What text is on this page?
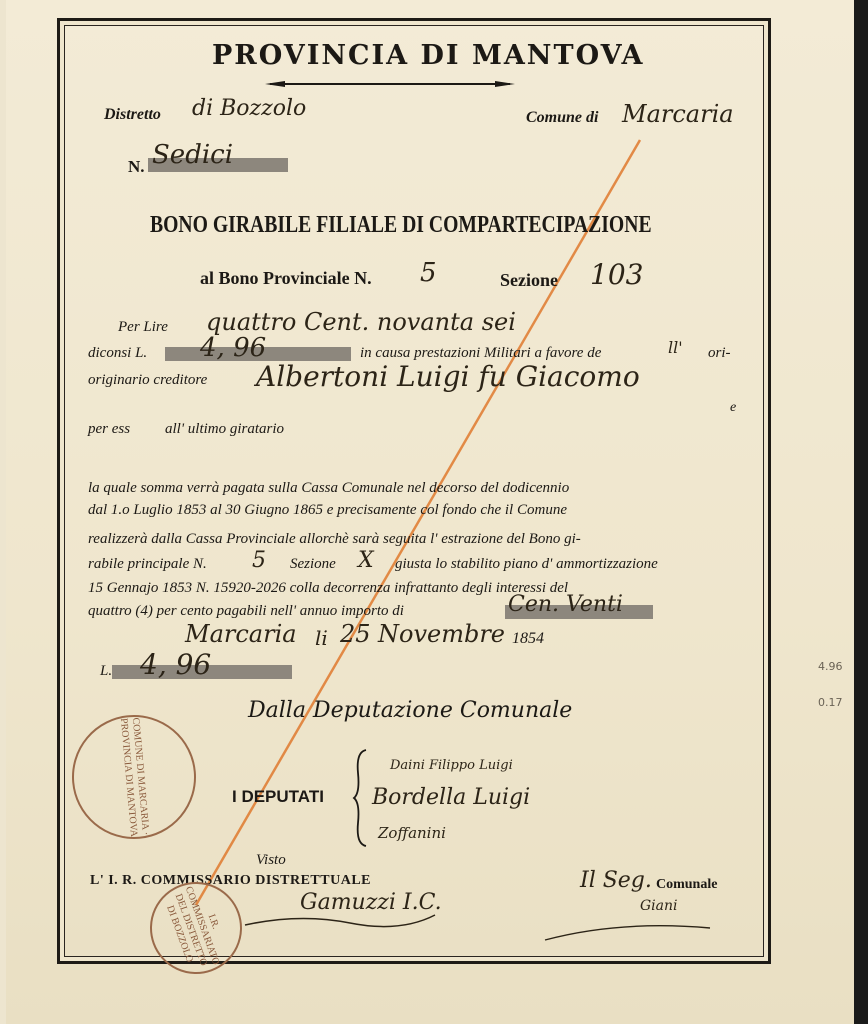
PROVINCIA DI MANTOVA
Distretto di Bozzolo	Comune di Marcaria
N. Sedici
BONO GIRABILE FILIALE DI COMPARTECIPAZIONE
al Bono Provinciale N. 5	Sezione 103
Per Lire quattro Cent. novanta sei
diconsi L. 4, 96	in causa prestazioni Militari a favore de	ll' ori-
originario creditore Albertoni Luigi fu Giacomo
e
per ess all' ultimo giratario
la quale somma verrà pagata sulla Cassa Comunale nel decorso del dodicennio
dal 1.o Luglio 1853 al 30 Giugno 1865 e precisamente col fondo che il Comune
realizzerà dalla Cassa Provinciale allorchè sarà seguita l' estrazione del Bono gi-
rabile principale N. 5 Sezione X giusta lo stabilito piano d' ammortizzazione
15 Gennajo 1853 N. 15920-2026 colla decorrenza infrattanto degli interessi del
quattro (4) per cento pagabili nell' annuo importo di	Cen. Venti
Marcaria li 25 Novembre 1854
L. 4, 96
Dalla Deputazione Comunale
I DEPUTATI
Daini Filippo Luigi
Bordella Luigi
Zoffanini
Visto
L' I. R. COMMISSARIO DISTRETTUALE
Gamuzzi I.C.
Il Seg. Comunale
Giani
COMUNE DI MARCARIA · PROVINCIA DI MANTOVA
I.R. COMMISSARIATO DEL DISTRETTO DI BOZZOLO
4.96
0.17
